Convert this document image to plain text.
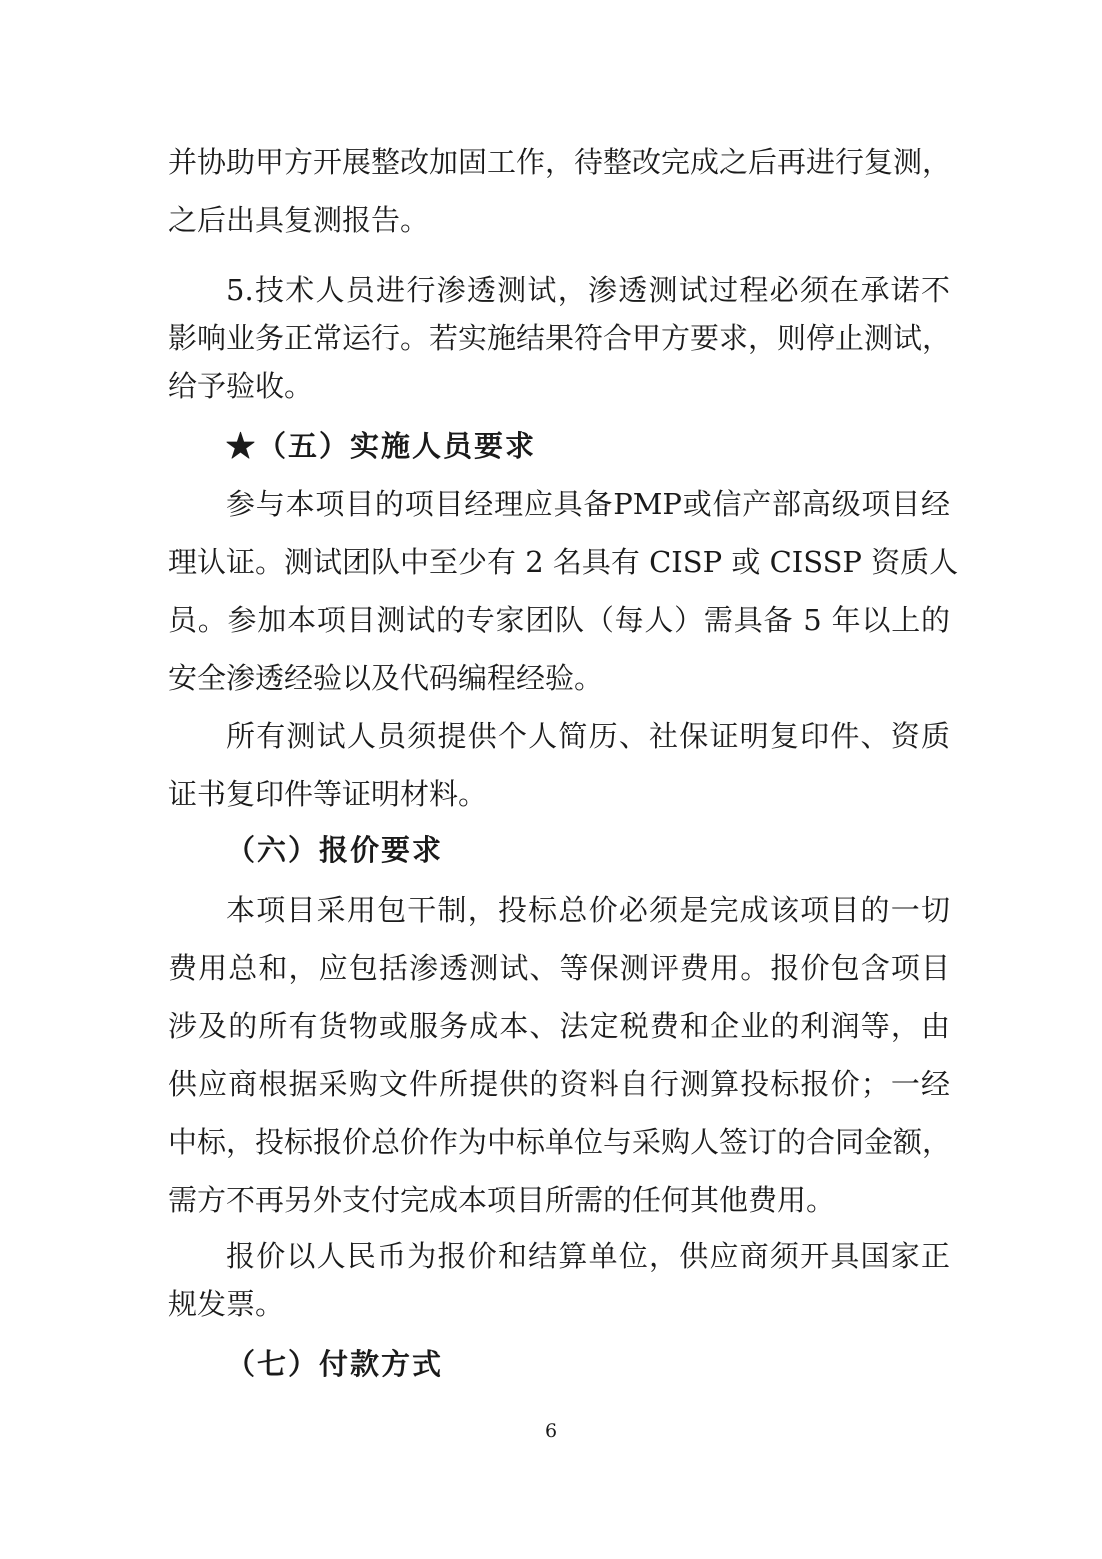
并协助甲方开展整改加固工作，待整改完成之后再进行复测，
之后出具复测报告。
5.技术人员进行渗透测试，渗透测试过程必须在承诺不
影响业务正常运行。若实施结果符合甲方要求，则停止测试，
给予验收。
★（五）实施人员要求
参与本项目的项目经理应具备PMP或信产部高级项目经
理认证。测试团队中至少有 2 名具有 CISP 或 CISSP 资质人
员。参加本项目测试的专家团队（每人）需具备 5 年以上的
安全渗透经验以及代码编程经验。
所有测试人员须提供个人简历、社保证明复印件、资质
证书复印件等证明材料。
（六）报价要求
本项目采用包干制，投标总价必须是完成该项目的一切
费用总和，应包括渗透测试、等保测评费用。报价包含项目
涉及的所有货物或服务成本、法定税费和企业的利润等，由
供应商根据采购文件所提供的资料自行测算投标报价；一经
中标，投标报价总价作为中标单位与采购人签订的合同金额，
需方不再另外支付完成本项目所需的任何其他费用。
报价以人民币为报价和结算单位，供应商须开具国家正
规发票。
（七）付款方式
6
